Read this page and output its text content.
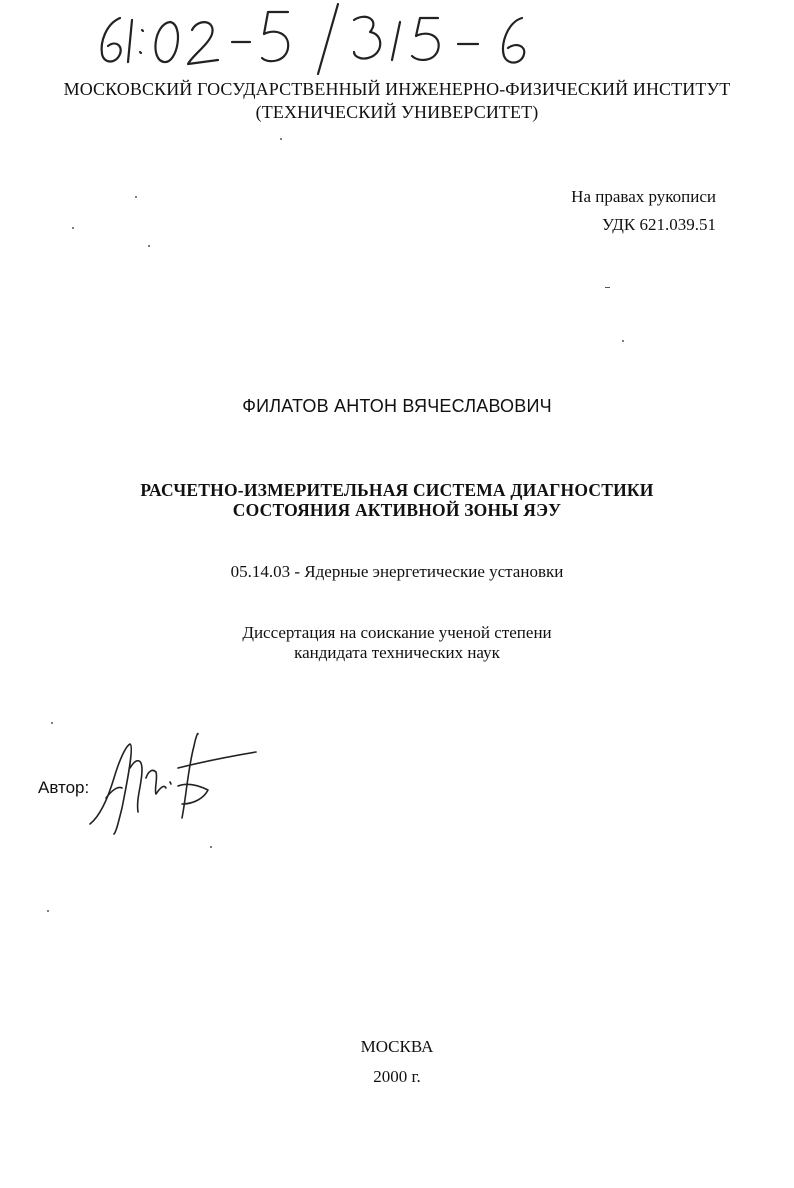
МОСКОВСКИЙ ГОСУДАРСТВЕННЫЙ ИНЖЕНЕРНО-ФИЗИЧЕСКИЙ ИНСТИТУТ
(ТЕХНИЧЕСКИЙ УНИВЕРСИТЕТ)
На правах рукописи
УДК 621.039.51
ФИЛАТОВ АНТОН ВЯЧЕСЛАВОВИЧ
РАСЧЕТНО-ИЗМЕРИТЕЛЬНАЯ СИСТЕМА ДИАГНОСТИКИ
СОСТОЯНИЯ АКТИВНОЙ ЗОНЫ ЯЭУ
05.14.03 - Ядерные энергетические установки
Диссертация на соискание ученой степени
кандидата технических наук
Автор:
МОСКВА
2000 г.
